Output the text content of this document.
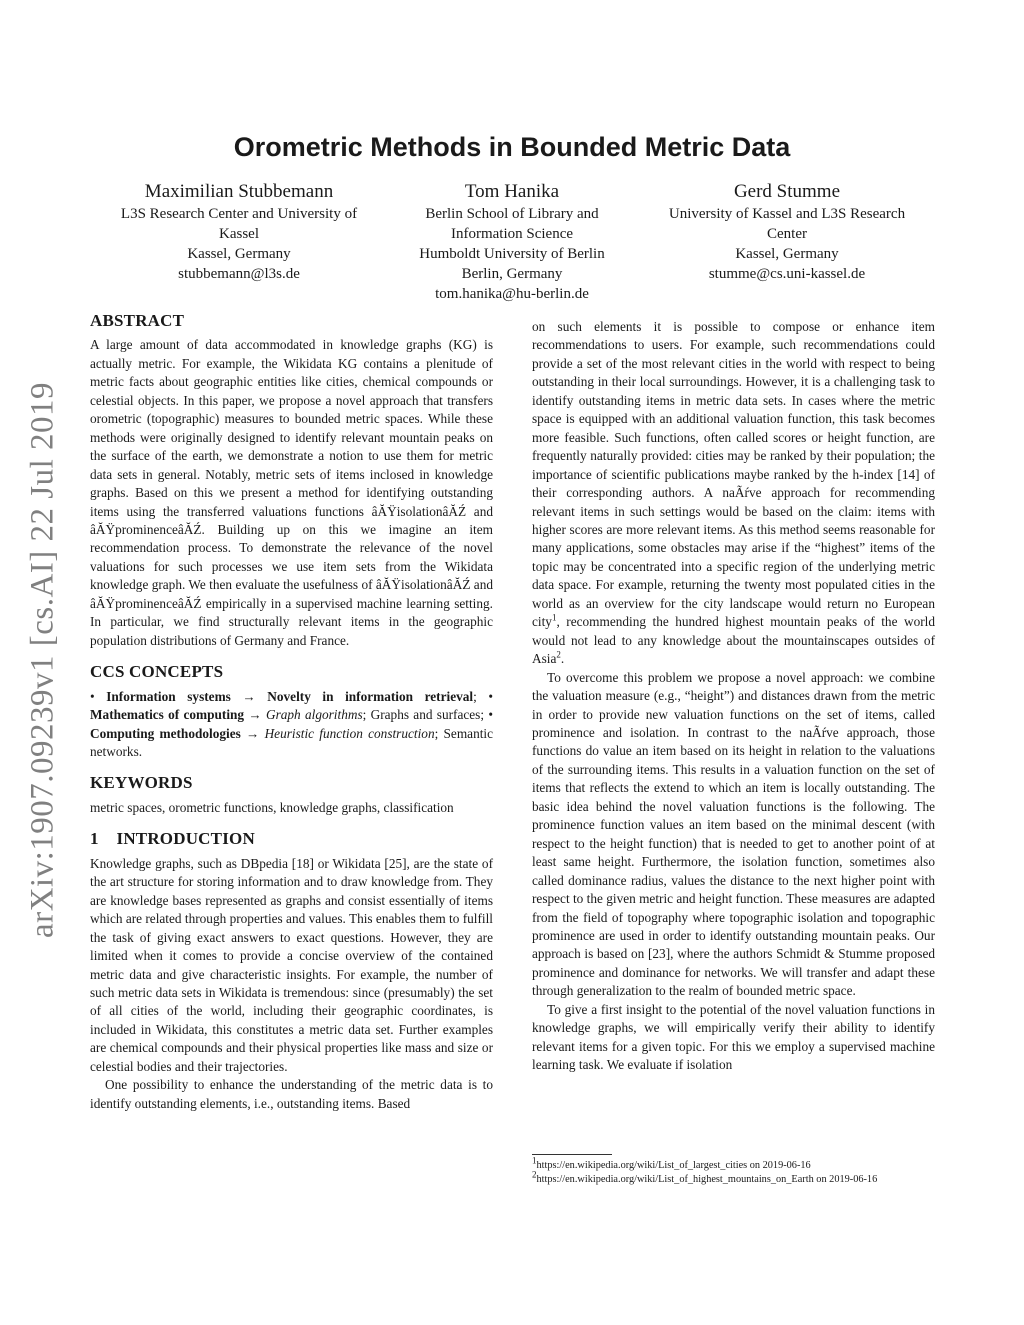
arXiv:1907.09239v1 [cs.AI] 22 Jul 2019
Orometric Methods in Bounded Metric Data
Maximilian Stubbemann
L3S Research Center and University of Kassel
Kassel, Germany
stubbemann@l3s.de
Tom Hanika
Berlin School of Library and Information Science
Humboldt University of Berlin
Berlin, Germany
tom.hanika@hu-berlin.de
Gerd Stumme
University of Kassel and L3S Research Center
Kassel, Germany
stumme@cs.uni-kassel.de
ABSTRACT

A large amount of data accommodated in knowledge graphs (KG) is actually metric. For example, the Wikidata KG contains a plenitude of metric facts about geographic entities like cities, chemical compounds or celestial objects. In this paper, we propose a novel approach that transfers orometric (topographic) measures to bounded metric spaces. While these methods were originally designed to identify relevant mountain peaks on the surface of the earth, we demonstrate a notion to use them for metric data sets in general. Notably, metric sets of items inclosed in knowledge graphs. Based on this we present a method for identifying outstanding items using the transferred valuations functions âĂŸisolationâĂŹ and âĂŸprominenceâĂŹ. Building up on this we imagine an item recommendation process. To demonstrate the relevance of the novel valuations for such processes we use item sets from the Wikidata knowledge graph. We then evaluate the usefulness of âĂŸisolationâĂŹ and âĂŸprominenceâĂŹ empirically in a supervised machine learning setting. In particular, we find structurally relevant items in the geographic population distributions of Germany and France.

CCS CONCEPTS

• Information systems → Novelty in information retrieval; • Mathematics of computing → Graph algorithms; Graphs and surfaces; • Computing methodologies → Heuristic function construction; Semantic networks.

KEYWORDS

metric spaces, orometric functions, knowledge graphs, classification

1    INTRODUCTION

Knowledge graphs, such as DBpedia [18] or Wikidata [25], are the state of the art structure for storing information and to draw knowledge from. They are knowledge bases represented as graphs and consist essentially of items which are related through properties and values. This enables them to fulfill the task of giving exact answers to exact questions. However, they are limited when it comes to provide a concise overview of the contained metric data and give characteristic insights. For example, the number of such metric data sets in Wikidata is tremendous: since (presumably) the set of all cities of the world, including their geographic coordinates, is included in Wikidata, this constitutes a metric data set. Further examples are chemical compounds and their physical properties like mass and size or celestial bodies and their trajectories.

One possibility to enhance the understanding of the metric data is to identify outstanding elements, i.e., outstanding items. Based

on such elements it is possible to compose or enhance item recommendations to users. For example, such recommendations could provide a set of the most relevant cities in the world with respect to being outstanding in their local surroundings. However, it is a challenging task to identify outstanding items in metric data sets. In cases where the metric space is equipped with an additional valuation function, this task becomes more feasible. Such functions, often called scores or height function, are frequently naturally provided: cities may be ranked by their population; the importance of scientific publications maybe ranked by the h-index [14] of their corresponding authors. A naÃŕve approach for recommending relevant items in such settings would be based on the claim: items with higher scores are more relevant items. As this method seems reasonable for many applications, some obstacles may arise if the “highest” items of the topic may be concentrated into a specific region of the underlying metric data space. For example, returning the twenty most populated cities in the world as an overview for the city landscape would return no European city$^1$, recommending the hundred highest mountain peaks of the world would not lead to any knowledge about the mountainscapes outsides of Asia$^2$.

To overcome this problem we propose a novel approach: we combine the valuation measure (e.g., “height”) and distances drawn from the metric in order to provide new valuation functions on the set of items, called prominence and isolation. In contrast to the naÃŕve approach, those functions do value an item based on its height in relation to the valuations of the surrounding items. This results in a valuation function on the set of items that reflects the extend to which an item is locally outstanding. The basic idea behind the novel valuation functions is the following. The prominence function values an item based on the minimal descent (with respect to the height function) that is needed to get to another point of at least same height. Furthermore, the isolation function, sometimes also called dominance radius, values the distance to the next higher point with respect to the given metric and height function. These measures are adapted from the field of topography where topographic isolation and topographic prominence are used in order to identify outstanding mountain peaks. Our approach is based on [23], where the authors Schmidt & Stumme proposed prominence and dominance for networks. We will transfer and adapt these through generalization to the realm of bounded metric space.

To give a first insight to the potential of the novel valuation functions in knowledge graphs, we will empirically verify their ability to identify relevant items for a given topic. For this we employ a supervised machine learning task. We evaluate if isolation

$^1$https://en.wikipedia.org/wiki/List_of_largest_cities on 2019-06-16
$^2$https://en.wikipedia.org/wiki/List_of_highest_mountains_on_Earth on 2019-06-16
